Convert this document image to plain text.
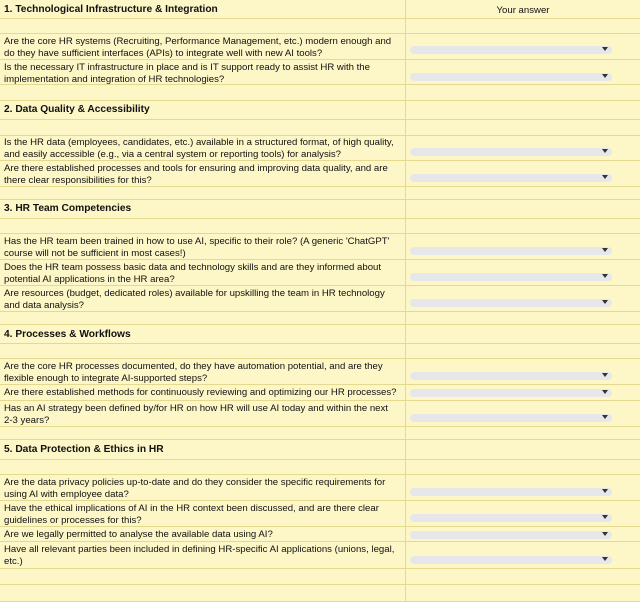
1. Technological Infrastructure & Integration	Your answer
Are the core HR systems (Recruiting, Performance Management, etc.) modern enough and do they have sufficient interfaces (APIs) to integrate well with new AI tools?
Is the necessary IT infrastructure in place and is IT support ready to assist HR with the implementation and integration of HR technologies?
2. Data Quality & Accessibility
Is the HR data (employees, candidates, etc.) available in a structured format, of high quality, and easily accessible (e.g., via a central system or reporting tools) for analysis?
Are there established processes and tools for ensuring and improving data quality, and are there clear responsibilities for this?
3. HR Team Competencies
Has the HR team been trained in how to use AI, specific to their role? (A generic 'ChatGPT' course will not be sufficient in most cases!)
Does the HR team possess basic data and technology skills and are they informed about potential AI applications in the HR area?
Are resources (budget, dedicated roles) available for upskilling the team in HR technology and data analysis?
4. Processes & Workflows
Are the core HR processes documented, do they have automation potential, and are they flexible enough to integrate AI-supported steps?
Are there established methods for continuously reviewing and optimizing our HR processes?
Has an AI strategy been defined by/for HR on how HR will use AI today and within the next 2-3 years?
5. Data Protection & Ethics in HR
Are the data privacy policies up-to-date and do they consider the specific requirements for using AI with employee data?
Have the ethical implications of AI in the HR context been discussed, and are there clear guidelines or processes for this?
Are we legally permitted to analyse the available data using AI?
Have all relevant parties been included in defining HR-specific AI applications (unions, legal, etc.)
